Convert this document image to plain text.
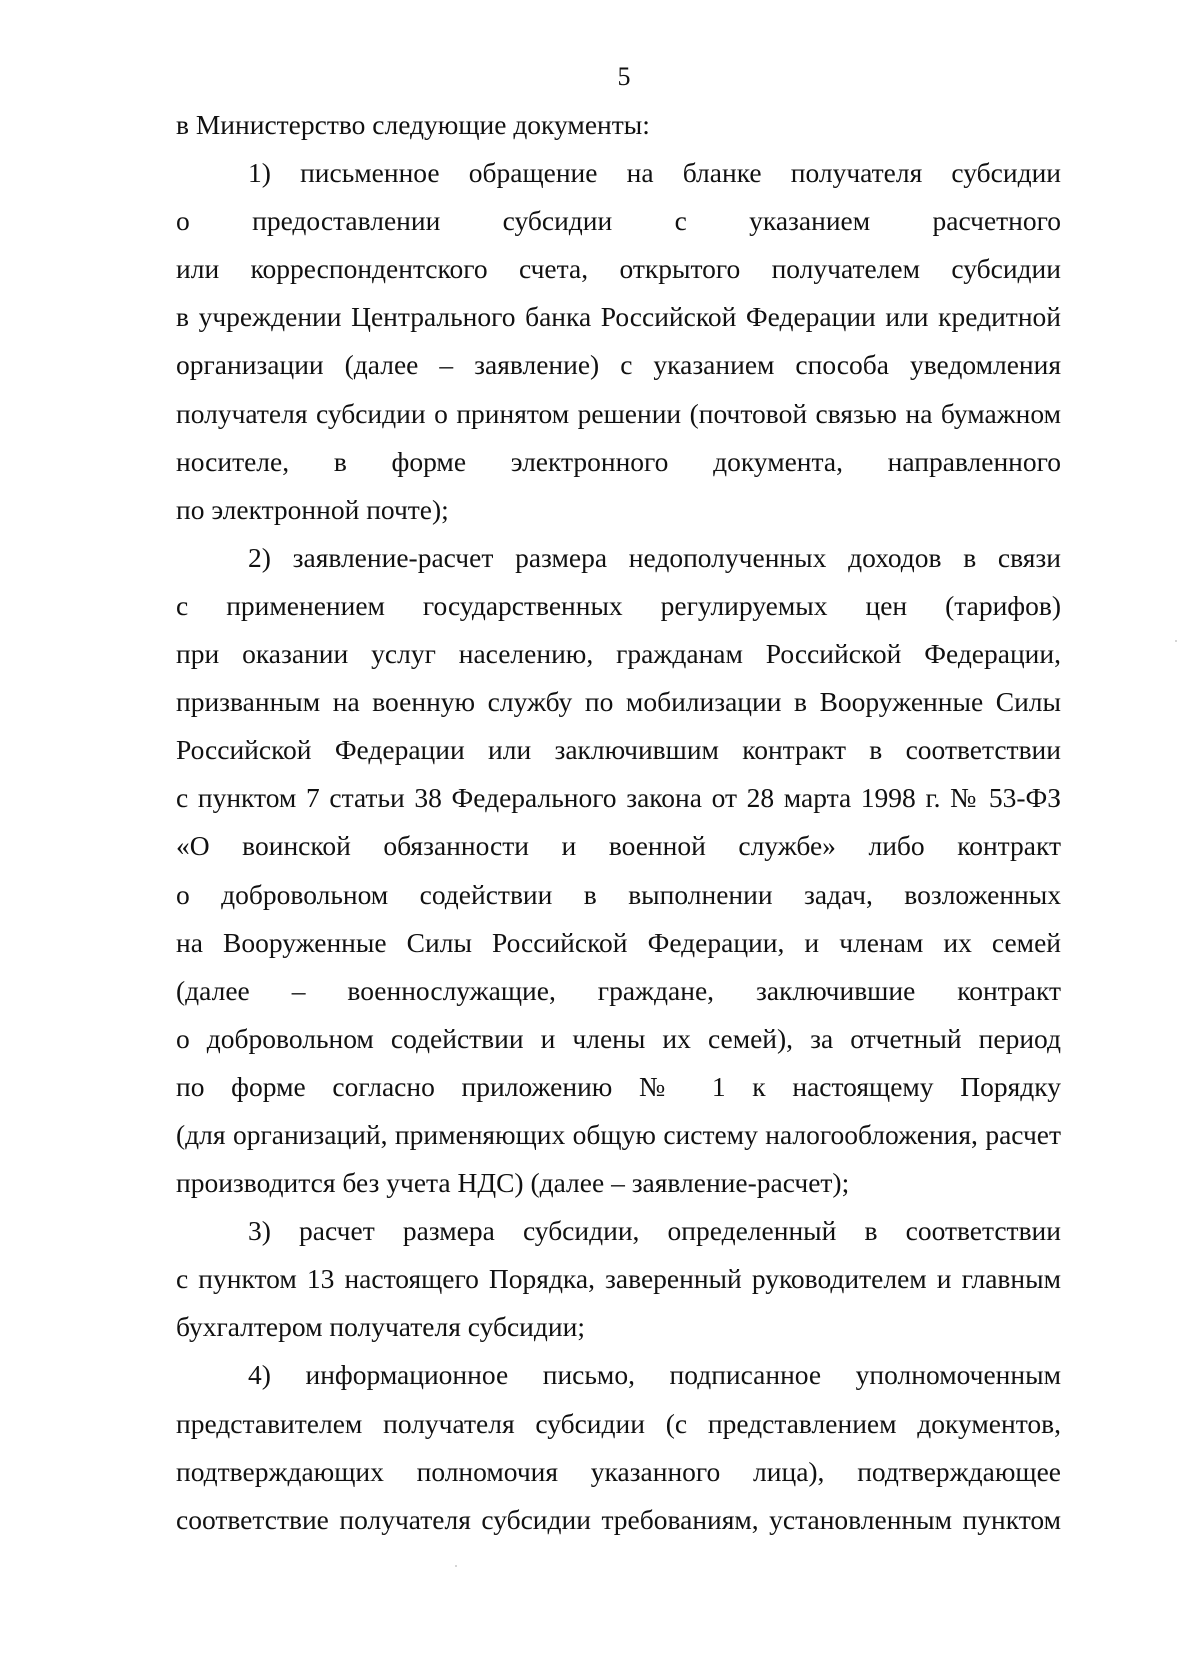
5
в Министерство следующие документы:
1) письменное обращение на бланке получателя субсидии
о предоставлении субсидии с указанием расчетного
или корреспондентского счета, открытого получателем субсидии
в учреждении Центрального банка Российской Федерации или кредитной
организации (далее – заявление) с указанием способа уведомления
получателя субсидии о принятом решении (почтовой связью на бумажном
носителе, в форме электронного документа, направленного
по электронной почте);
2) заявление-расчет размера недополученных доходов в связи
с применением государственных регулируемых цен (тарифов)
при оказании услуг населению, гражданам Российской Федерации,
призванным на военную службу по мобилизации в Вооруженные Силы
Российской Федерации или заключившим контракт в соответствии
с пунктом 7 статьи 38 Федерального закона от 28 марта 1998 г. № 53-ФЗ
«О воинской обязанности и военной службе» либо контракт
о добровольном содействии в выполнении задач, возложенных
на Вооруженные Силы Российской Федерации, и членам их семей
(далее – военнослужащие, граждане, заключившие контракт
о добровольном содействии и члены их семей), за отчетный период
по форме согласно приложению № 1 к настоящему Порядку
(для организаций, применяющих общую систему налогообложения, расчет
производится без учета НДС) (далее – заявление-расчет);
3) расчет размера субсидии, определенный в соответствии
с пунктом 13 настоящего Порядка, заверенный руководителем и главным
бухгалтером получателя субсидии;
4) информационное письмо, подписанное уполномоченным
представителем получателя субсидии (с представлением документов,
подтверждающих полномочия указанного лица), подтверждающее
соответствие получателя субсидии требованиям, установленным пунктом
